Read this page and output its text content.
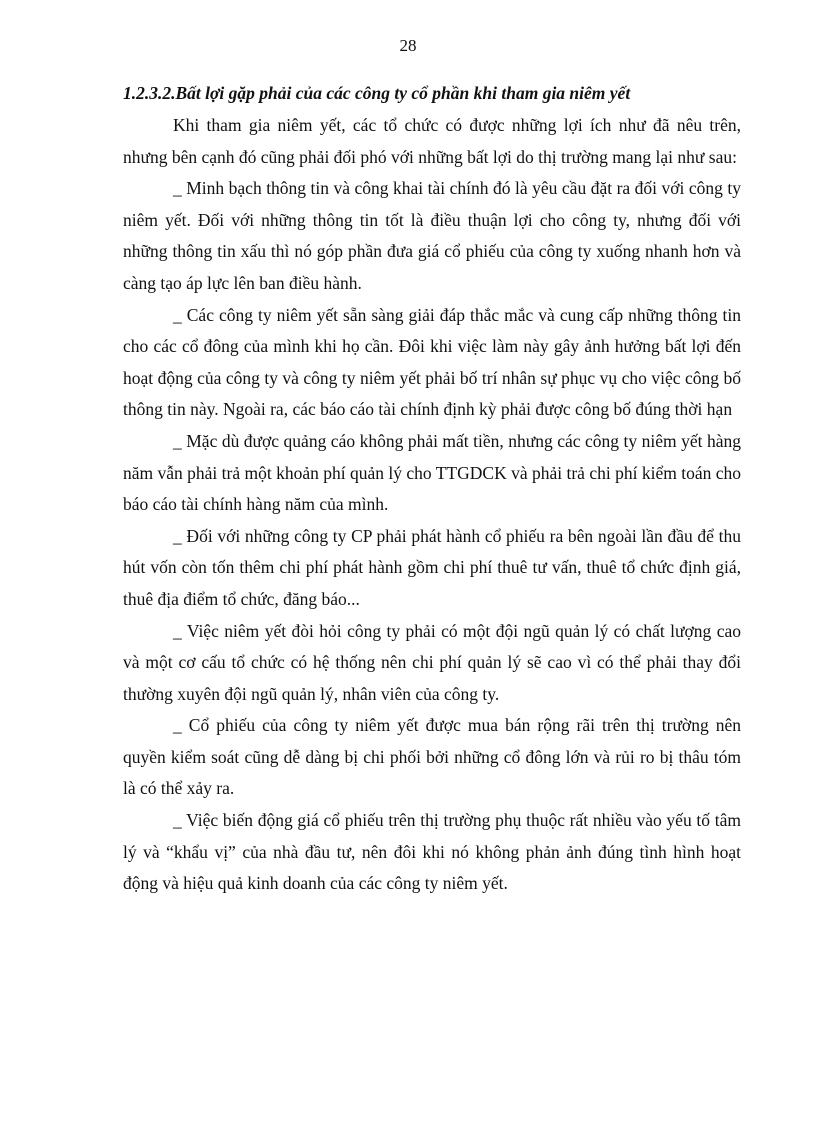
28
1.2.3.2.Bất lợi gặp phải của các công ty cổ phần khi tham gia niêm yết

Khi tham gia niêm yết, các tổ chức có được những lợi ích như đã nêu trên, nhưng bên cạnh đó cũng phải đối phó với những bất lợi do thị trường mang lại như sau:

_ Minh bạch thông tin và công khai tài chính đó là yêu cầu đặt ra đối với công ty niêm yết. Đối với những thông tin tốt là điều thuận lợi cho công ty, nhưng đối với những thông tin xấu thì nó góp phần đưa giá cổ phiếu của công ty xuống nhanh hơn và càng tạo áp lực lên ban điều hành.

_ Các công ty niêm yết sẵn sàng giải đáp thắc mắc và cung cấp những thông tin cho các cổ đông của mình khi họ cần. Đôi khi việc làm này gây ảnh hưởng bất lợi đến hoạt động của công ty và công ty niêm yết phải bố trí nhân sự phục vụ cho việc công bố thông tin này. Ngoài ra, các báo cáo tài chính định kỳ phải được công bố đúng thời hạn

_ Mặc dù được quảng cáo không phải mất tiền, nhưng các công ty niêm yết hàng năm vẫn phải trả một khoản phí quản lý cho TTGDCK và phải trả chi phí kiểm toán cho báo cáo tài chính hàng năm của mình.

_ Đối với những công ty CP phải phát hành cổ phiếu ra bên ngoài lần đầu để thu hút vốn còn tốn thêm chi phí phát hành gồm chi phí thuê tư vấn, thuê tổ chức định giá, thuê địa điểm tổ chức, đăng báo...

_ Việc niêm yết đòi hỏi công ty phải có một đội ngũ quản lý có chất lượng cao và một cơ cấu tổ chức có hệ thống nên chi phí quản lý sẽ cao vì có thể phải thay đổi thường xuyên đội ngũ quản lý, nhân viên của công ty.

_ Cổ phiếu của công ty niêm yết được mua bán rộng rãi trên thị trường nên quyền kiểm soát cũng dễ dàng bị chi phối bởi những cổ đông lớn và rủi ro bị thâu tóm là có thể xảy ra.

_ Việc biến động giá cổ phiếu trên thị trường phụ thuộc rất nhiều vào yếu tố tâm lý và “khẩu vị” của nhà đầu tư, nên đôi khi nó không phản ảnh đúng tình hình hoạt động và hiệu quả kinh doanh của các công ty niêm yết.
